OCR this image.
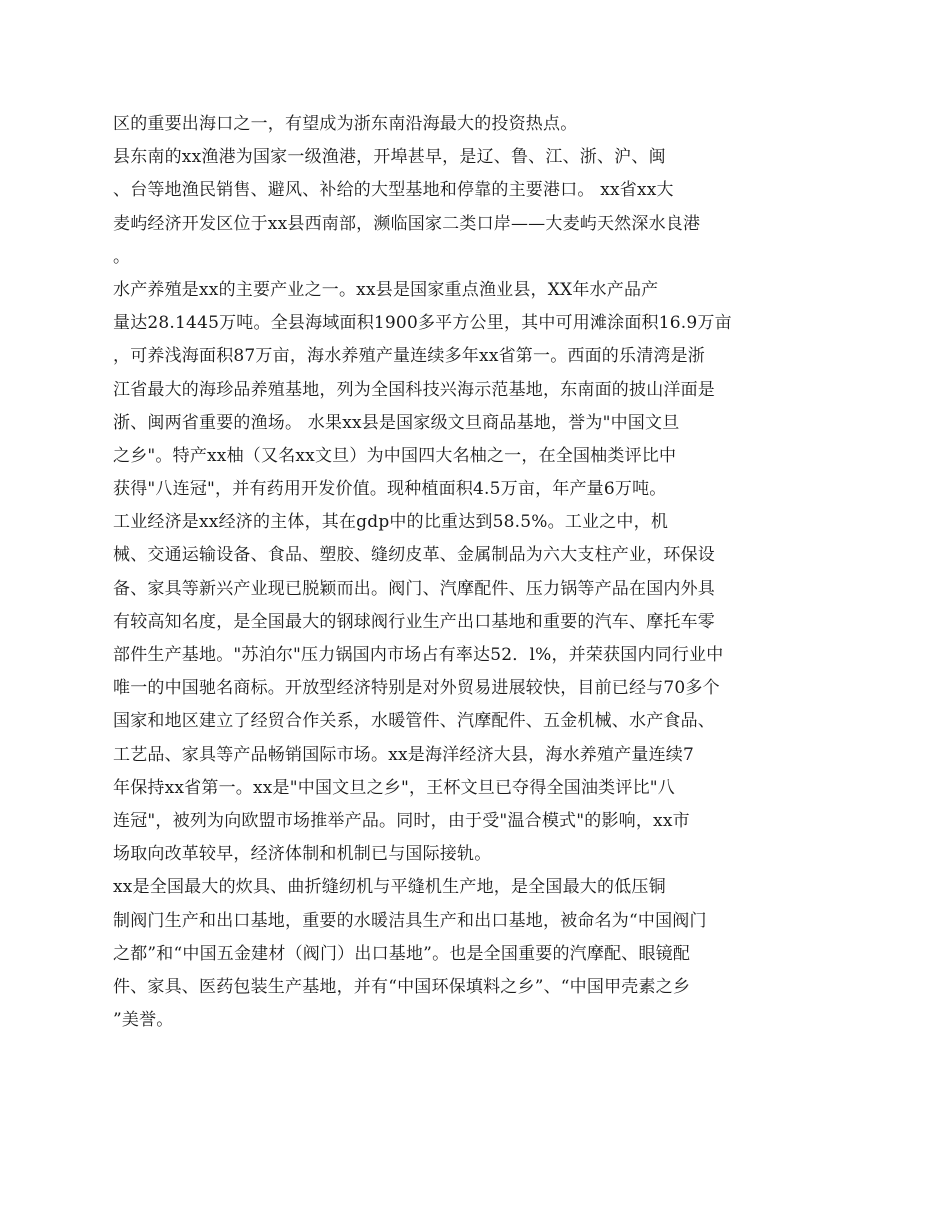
区的重要出海口之一，有望成为浙东南沿海最大的投资热点。
县东南的xx渔港为国家一级渔港，开埠甚早，是辽、鲁、江、浙、沪、闽
、台等地渔民销售、避风、补给的大型基地和停靠的主要港口。 xx省xx大
麦屿经济开发区位于xx县西南部，濒临国家二类口岸——大麦屿天然深水良港
。
水产养殖是xx的主要产业之一。xx县是国家重点渔业县，XX年水产品产
量达28.1445万吨。全县海域面积1900多平方公里，其中可用滩涂面积16.9万亩
，可养浅海面积87万亩，海水养殖产量连续多年xx省第一。西面的乐清湾是浙
江省最大的海珍品养殖基地，列为全国科技兴海示范基地，东南面的披山洋面是
浙、闽两省重要的渔场。 水果xx县是国家级文旦商品基地，誉为"中国文旦
之乡"。特产xx柚（又名xx文旦）为中国四大名柚之一，在全国柚类评比中
获得"八连冠"，并有药用开发价值。现种植面积4.5万亩，年产量6万吨。
工业经济是xx经济的主体，其在gdp中的比重达到58.5%。工业之中，机
械、交通运输设备、食品、塑胶、缝纫皮革、金属制品为六大支柱产业，环保设
备、家具等新兴产业现已脱颖而出。阀门、汽摩配件、压力锅等产品在国内外具
有较高知名度，是全国最大的钢球阀行业生产出口基地和重要的汽车、摩托车零
部件生产基地。"苏泊尔"压力锅国内市场占有率达52．l%，并荣获国内同行业中
唯一的中国驰名商标。开放型经济特别是对外贸易进展较快，目前已经与70多个
国家和地区建立了经贸合作关系，水暖管件、汽摩配件、五金机械、水产食品、
工艺品、家具等产品畅销国际市场。xx是海洋经济大县，海水养殖产量连续7
年保持xx省第一。xx是"中国文旦之乡"，王杯文旦已夺得全国油类评比"八
连冠"，被列为向欧盟市场推举产品。同时，由于受"温合模式"的影响，xx市
场取向改革较早，经济体制和机制已与国际接轨。
xx是全国最大的炊具、曲折缝纫机与平缝机生产地，是全国最大的低压铜
制阀门生产和出口基地，重要的水暖洁具生产和出口基地，被命名为“中国阀门
之都”和“中国五金建材（阀门）出口基地”。也是全国重要的汽摩配、眼镜配
件、家具、医药包装生产基地，并有“中国环保填料之乡”、“中国甲壳素之乡
”美誉。
